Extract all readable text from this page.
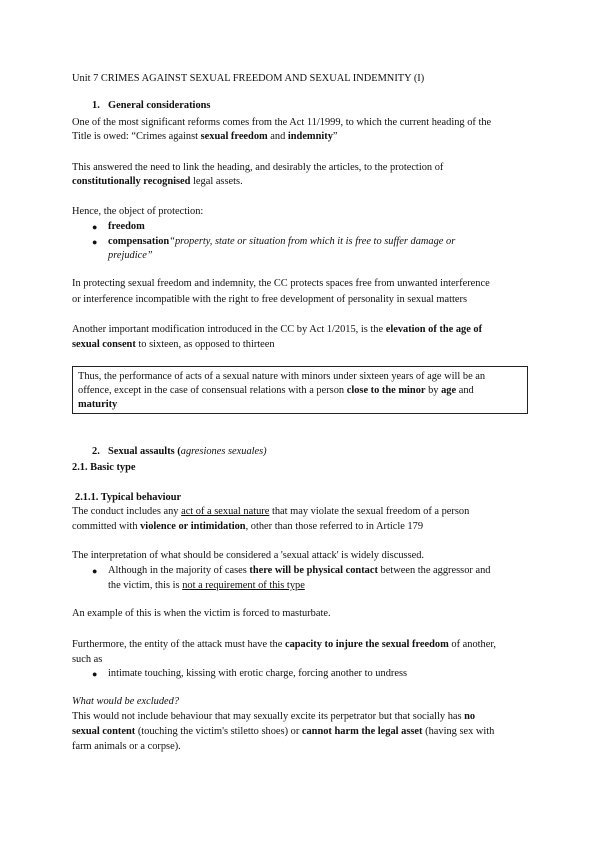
Unit 7 CRIMES AGAINST SEXUAL FREEDOM AND SEXUAL INDEMNITY (I)
1. General considerations
One of the most significant reforms comes from the Act 11/1999, to which the current heading of the
Title is owed: “Crimes against sexual freedom and indemnity”
This answered the need to link the heading, and desirably the articles, to the protection of
constitutionally recognised legal assets.
Hence, the object of protection:
● freedom
● compensation“property, state or situation from which it is free to suffer damage or
prejudice”
In protecting sexual freedom and indemnity, the CC protects spaces free from unwanted interference
or interference incompatible with the right to free development of personality in sexual matters
Another important modification introduced in the CC by Act 1/2015, is the elevation of the age of
sexual consent to sixteen, as opposed to thirteen
Thus, the performance of acts of a sexual nature with minors under sixteen years of age will be an
offence, except in the case of consensual relations with a person close to the minor by age and
maturity
2. Sexual assaults (agresiones sexuales)
2.1. Basic type
2.1.1. Typical behaviour
The conduct includes any act of a sexual nature that may violate the sexual freedom of a person
committed with violence or intimidation, other than those referred to in Article 179
The interpretation of what should be considered a 'sexual attack' is widely discussed.
● Although in the majority of cases there will be physical contact between the aggressor and
the victim, this is not a requirement of this type
An example of this is when the victim is forced to masturbate.
Furthermore, the entity of the attack must have the capacity to injure the sexual freedom of another,
such as
● intimate touching, kissing with erotic charge, forcing another to undress
What would be excluded?
This would not include behaviour that may sexually excite its perpetrator but that socially has no
sexual content (touching the victim's stiletto shoes) or cannot harm the legal asset (having sex with
farm animals or a corpse).
